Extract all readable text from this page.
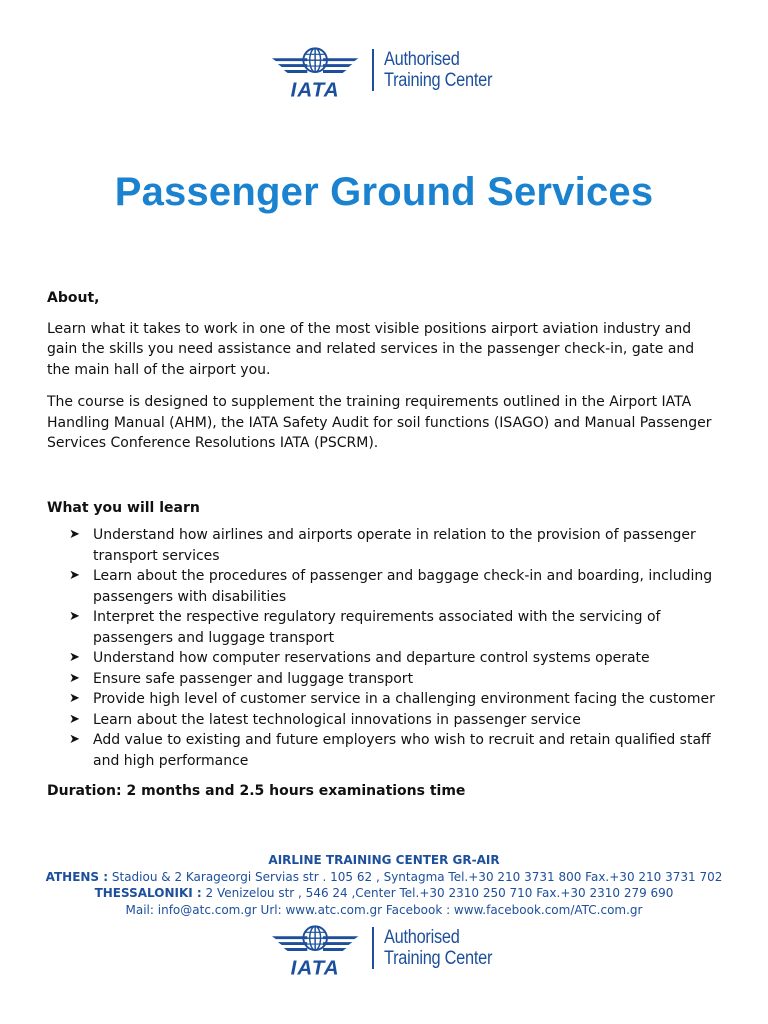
IATA
Authorised
Training Center
Passenger Ground Services

About,

Learn what it takes to work in one of the most visible positions airport aviation industry and gain the skills you need assistance and related services in the passenger check-in, gate and the main hall of the airport you.

The course is designed to supplement the training requirements outlined in the Airport IATA Handling Manual (AHM), the IATA Safety Audit for soil functions (ISAGO) and Manual Passenger Services Conference Resolutions IATA (PSCRM).

What you will learn

➤ Understand how airlines and airports operate in relation to the provision of passenger transport services
➤ Learn about the procedures of passenger and baggage check-in and boarding, including passengers with disabilities
➤ Interpret the respective regulatory requirements associated with the servicing of passengers and luggage transport
➤ Understand how computer reservations and departure control systems operate
➤ Ensure safe passenger and luggage transport
➤ Provide high level of customer service in a challenging environment facing the customer
➤ Learn about the latest technological innovations in passenger service
➤ Add value to existing and future employers who wish to recruit and retain qualified staff and high performance

Duration: 2 months and 2.5 hours examinations time

AIRLINE TRAINING CENTER GR-AIR
ATHENS : Stadiou & 2 Karageorgi Servias str . 105 62 , Syntagma Tel.+30 210 3731 800 Fax.+30 210 3731 702
THESSALONIKI : 2 Venizelou str , 546 24 ,Center Tel.+30 2310 250 710 Fax.+30 2310 279 690
Mail: info@atc.com.gr Url: www.atc.com.gr Facebook : www.facebook.com/ATC.com.gr
IATA
Authorised
Training Center
